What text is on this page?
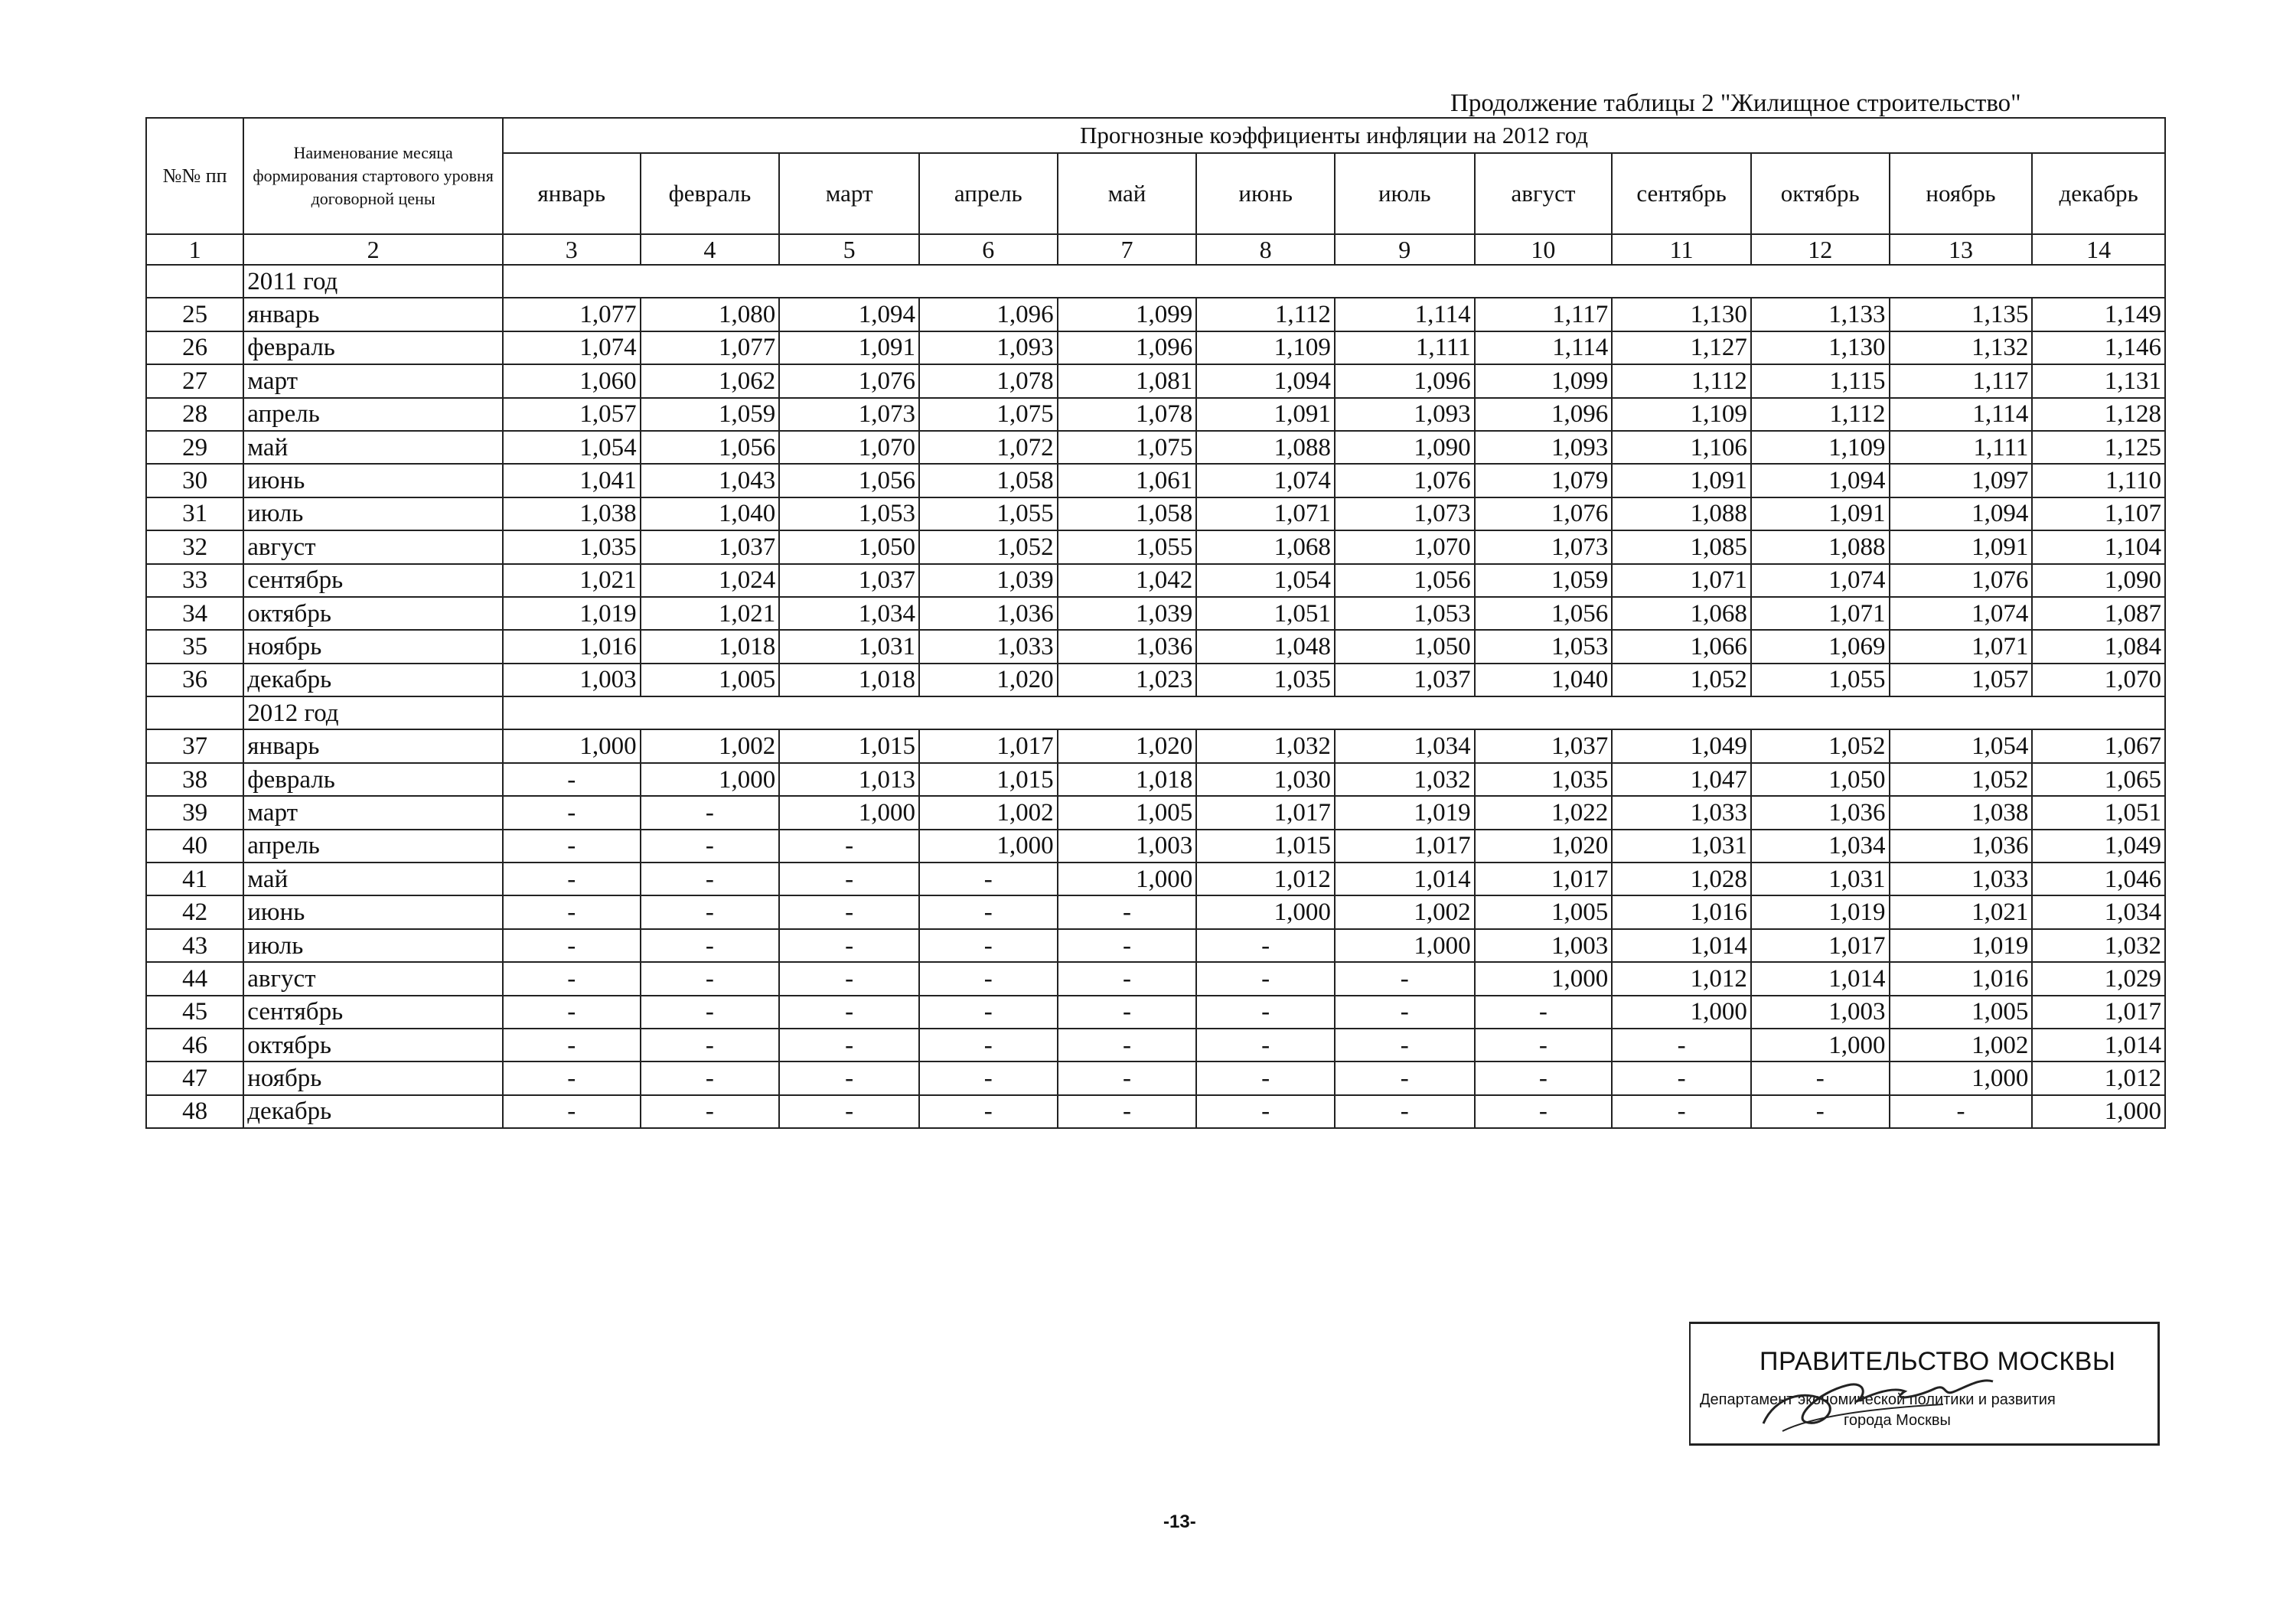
Продолжение таблицы 2 "Жилищное строительство"
№№ пп	Наименование месяца формирования стартового уровня договорной цены	Прогнозные коэффициенты инфляции на 2012 год											
		январь	февраль	март	апрель	май	июнь	июль	август	сентябрь	октябрь	ноябрь	декабрь
1	2	3	4	5	6	7	8	9	10	11	12	13	14
	2011 год												
25	январь	1,077	1,080	1,094	1,096	1,099	1,112	1,114	1,117	1,130	1,133	1,135	1,149
26	февраль	1,074	1,077	1,091	1,093	1,096	1,109	1,111	1,114	1,127	1,130	1,132	1,146
27	март	1,060	1,062	1,076	1,078	1,081	1,094	1,096	1,099	1,112	1,115	1,117	1,131
28	апрель	1,057	1,059	1,073	1,075	1,078	1,091	1,093	1,096	1,109	1,112	1,114	1,128
29	май	1,054	1,056	1,070	1,072	1,075	1,088	1,090	1,093	1,106	1,109	1,111	1,125
30	июнь	1,041	1,043	1,056	1,058	1,061	1,074	1,076	1,079	1,091	1,094	1,097	1,110
31	июль	1,038	1,040	1,053	1,055	1,058	1,071	1,073	1,076	1,088	1,091	1,094	1,107
32	август	1,035	1,037	1,050	1,052	1,055	1,068	1,070	1,073	1,085	1,088	1,091	1,104
33	сентябрь	1,021	1,024	1,037	1,039	1,042	1,054	1,056	1,059	1,071	1,074	1,076	1,090
34	октябрь	1,019	1,021	1,034	1,036	1,039	1,051	1,053	1,056	1,068	1,071	1,074	1,087
35	ноябрь	1,016	1,018	1,031	1,033	1,036	1,048	1,050	1,053	1,066	1,069	1,071	1,084
36	декабрь	1,003	1,005	1,018	1,020	1,023	1,035	1,037	1,040	1,052	1,055	1,057	1,070
	2012 год												
37	январь	1,000	1,002	1,015	1,017	1,020	1,032	1,034	1,037	1,049	1,052	1,054	1,067
38	февраль	-	1,000	1,013	1,015	1,018	1,030	1,032	1,035	1,047	1,050	1,052	1,065
39	март	-	-	1,000	1,002	1,005	1,017	1,019	1,022	1,033	1,036	1,038	1,051
40	апрель	-	-	-	1,000	1,003	1,015	1,017	1,020	1,031	1,034	1,036	1,049
41	май	-	-	-	-	1,000	1,012	1,014	1,017	1,028	1,031	1,033	1,046
42	июнь	-	-	-	-	-	1,000	1,002	1,005	1,016	1,019	1,021	1,034
43	июль	-	-	-	-	-	-	1,000	1,003	1,014	1,017	1,019	1,032
44	август	-	-	-	-	-	-	-	1,000	1,012	1,014	1,016	1,029
45	сентябрь	-	-	-	-	-	-	-	-	1,000	1,003	1,005	1,017
46	октябрь	-	-	-	-	-	-	-	-	-	1,000	1,002	1,014
47	ноябрь	-	-	-	-	-	-	-	-	-	-	1,000	1,012
48	декабрь	-	-	-	-	-	-	-	-	-	-	-	1,000
ПРАВИТЕЛЬСТВО МОСКВЫ
Департамент экономической политики и развития
города Москвы
-13-
